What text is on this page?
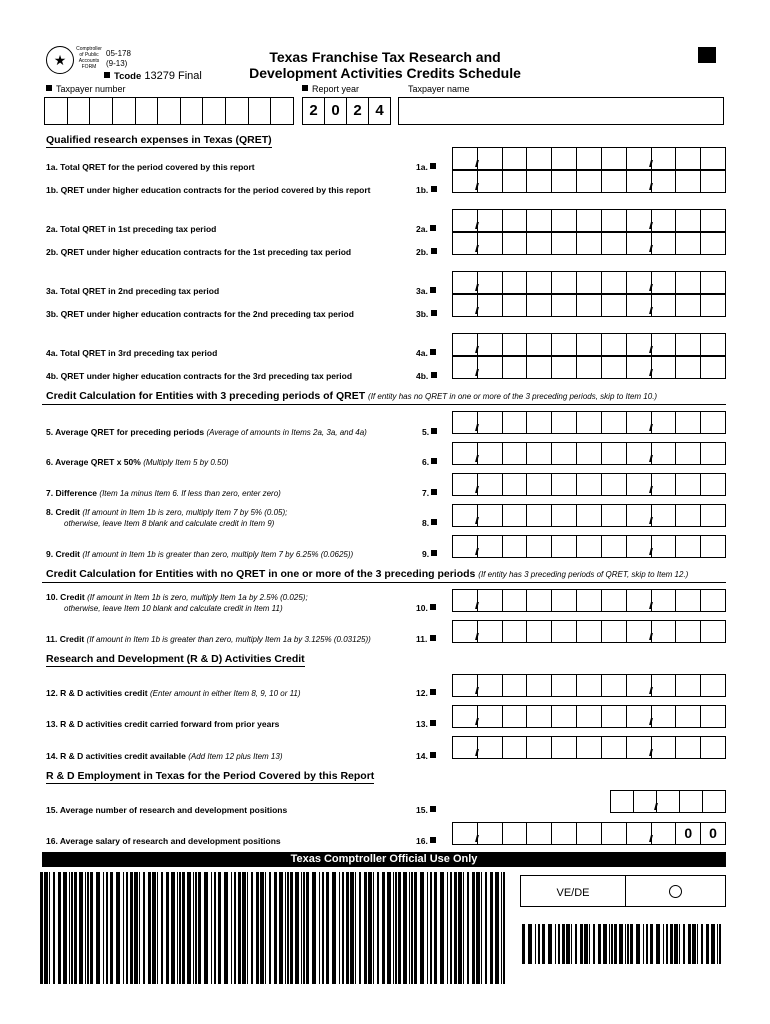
★
Comptroller of Public Accounts FORM
05-178
(9-13)
Tcode 13279 Final
Texas Franchise Tax Research and
Development Activities Credits Schedule
Taxpayer number	Report year	Taxpayer name
2 0 2 4
Qualified research expenses in Texas (QRET)
1a. Total QRET for the period covered by this report	1a.
1b. QRET under higher education contracts for the period covered by this report	1b.
2a. Total QRET in 1st preceding tax period	2a.
2b. QRET under higher education contracts for the 1st preceding tax period	2b.
3a. Total QRET in 2nd preceding tax period	3a.
3b. QRET under higher education contracts for the 2nd preceding tax period	3b.
4a. Total QRET in 3rd preceding tax period	4a.
4b. QRET under higher education contracts for the 3rd preceding tax period	4b.
Credit Calculation for Entities with 3 preceding periods of QRET (If entity has no QRET in one or more of the 3 preceding periods, skip to Item 10.)
5. Average QRET for preceding periods (Average of amounts in Items 2a, 3a, and 4a)	5.
6. Average QRET x 50% (Multiply Item 5 by 0.50)	6.
7. Difference (Item 1a minus Item 6. If less than zero, enter zero)	7.
8. Credit (If amount in Item 1b is zero, multiply Item 7 by 5% (0.05);
otherwise, leave Item 8 blank and calculate credit in Item 9)	8.
9. Credit (If amount in Item 1b is greater than zero, multiply Item 7 by 6.25% (0.0625))	9.
Credit Calculation for Entities with no QRET in one or more of the 3 preceding periods (If entity has 3 preceding periods of QRET, skip to Item 12.)
10. Credit (If amount in Item 1b is zero, multiply Item 1a by 2.5% (0.025);
otherwise, leave Item 10 blank and calculate credit in Item 11)	10.
11. Credit (If amount in Item 1b is greater than zero, multiply Item 1a by 3.125% (0.03125))	11.
Research and Development (R & D) Activities Credit
12. R & D activities credit (Enter amount in either Item 8, 9, 10 or 11)	12.
13. R & D activities credit carried forward from prior years	13.
14. R & D activities credit available (Add Item 12 plus Item 13)	14.
R & D Employment in Texas for the Period Covered by this Report
15. Average number of research and development positions	15.
16. Average salary of research and development positions	16.	0	0
Texas Comptroller Official Use Only
VE/DE
